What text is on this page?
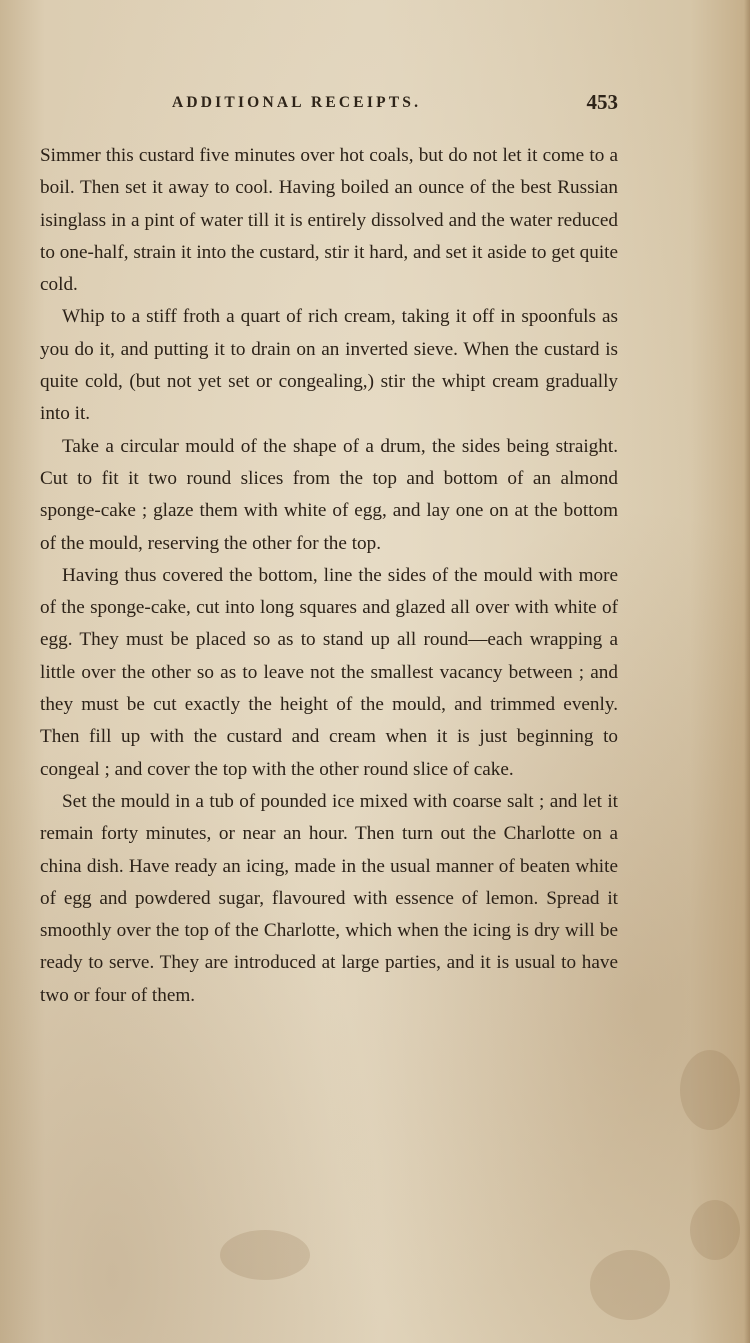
ADDITIONAL RECEIPTS.	453

Simmer this custard five minutes over hot coals, but do not let it come to a boil. Then set it away to cool. Having boiled an ounce of the best Russian isinglass in a pint of water till it is entirely dissolved and the water reduced to one-half, strain it into the custard, stir it hard, and set it aside to get quite cold.

Whip to a stiff froth a quart of rich cream, taking it off in spoonfuls as you do it, and putting it to drain on an inverted sieve. When the custard is quite cold, (but not yet set or congealing,) stir the whipt cream gradually into it.

Take a circular mould of the shape of a drum, the sides being straight. Cut to fit it two round slices from the top and bottom of an almond sponge-cake ; glaze them with white of egg, and lay one on at the bottom of the mould, reserving the other for the top.

Having thus covered the bottom, line the sides of the mould with more of the sponge-cake, cut into long squares and glazed all over with white of egg. They must be placed so as to stand up all round—each wrapping a little over the other so as to leave not the smallest vacancy between ; and they must be cut exactly the height of the mould, and trimmed evenly. Then fill up with the custard and cream when it is just beginning to congeal ; and cover the top with the other round slice of cake.

Set the mould in a tub of pounded ice mixed with coarse salt ; and let it remain forty minutes, or near an hour. Then turn out the Charlotte on a china dish. Have ready an icing, made in the usual manner of beaten white of egg and powdered sugar, flavoured with essence of lemon. Spread it smoothly over the top of the Charlotte, which when the icing is dry will be ready to serve. They are introduced at large parties, and it is usual to have two or four of them.
